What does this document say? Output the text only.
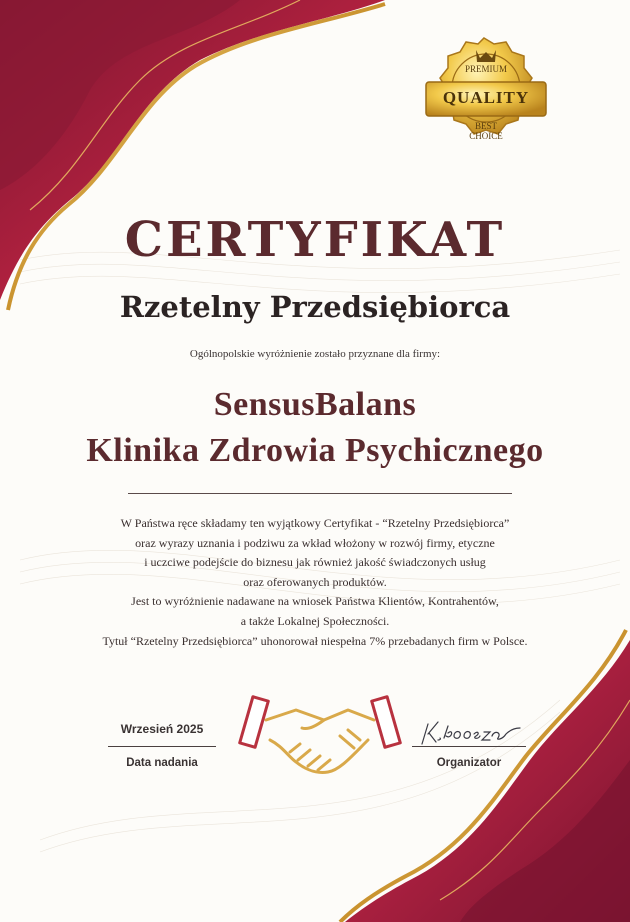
PREMIUM
QUALITY
BEST
CHOICE
CERTYFIKAT
Rzetelny Przedsiębiorca
Ogólnopolskie wyróżnienie zostało przyznane dla firmy:
SensusBalans
Klinika Zdrowia Psychicznego
W Państwa ręce składamy ten wyjątkowy Certyfikat - “Rzetelny Przedsiębiorca”
oraz wyrazy uznania i podziwu za wkład włożony w rozwój firmy, etyczne
i uczciwe podejście do biznesu jak również jakość świadczonych usług
oraz oferowanych produktów.
Jest to wyróżnienie nadawane na wniosek Państwa Klientów, Kontrahentów,
a także Lokalnej Społeczności.
Tytuł “Rzetelny Przedsiębiorca” uhonorował niespełna 7% przebadanych firm w Polsce.
Wrzesień 2025
Data nadania	Organizator
